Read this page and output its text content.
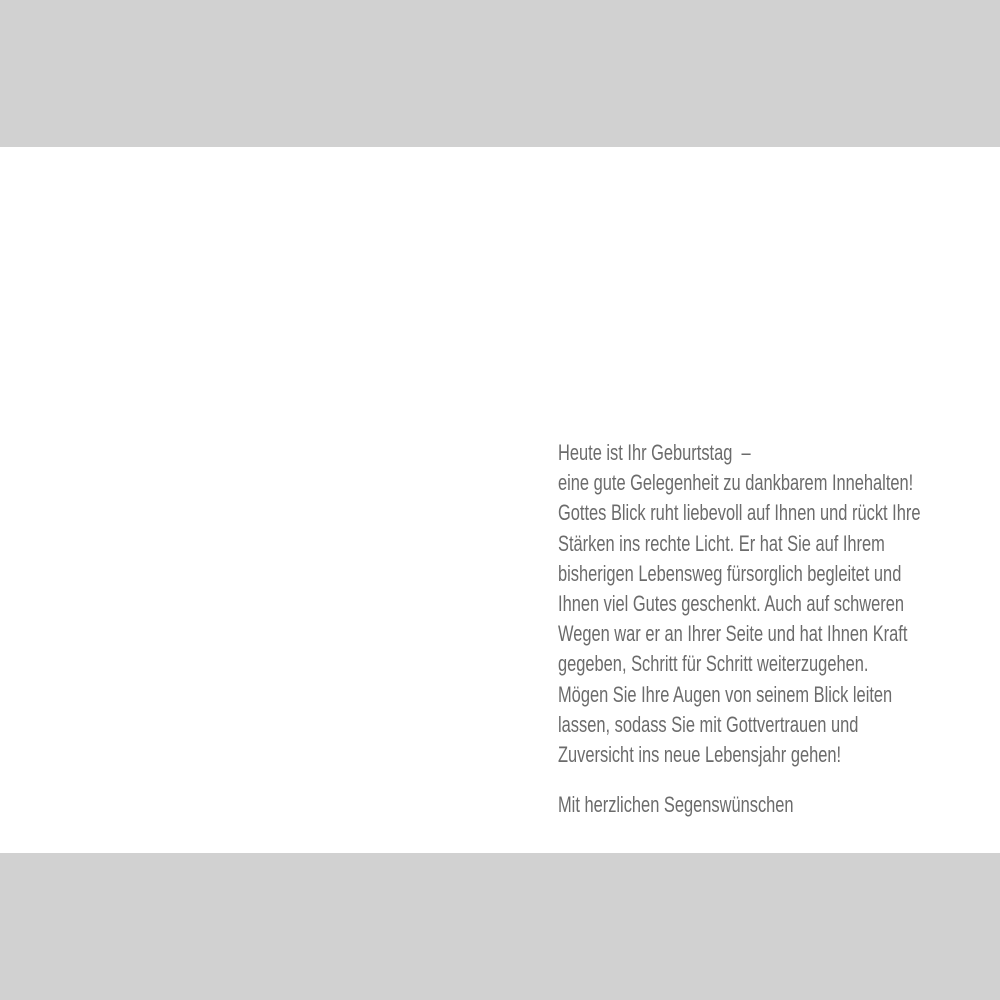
Heute ist Ihr Geburtstag  –
eine gute Gelegenheit zu dankbarem Innehalten!
Gottes Blick ruht liebevoll auf Ihnen und rückt Ihre
Stärken ins rechte Licht. Er hat Sie auf Ihrem
bisherigen Lebensweg fürsorglich begleitet und
Ihnen viel Gutes geschenkt. Auch auf schweren
Wegen war er an Ihrer Seite und hat Ihnen Kraft
gegeben, Schritt für Schritt weiterzugehen.
Mögen Sie Ihre Augen von seinem Blick leiten
lassen, sodass Sie mit Gottvertrauen und
Zuversicht ins neue Lebensjahr gehen!
Mit herzlichen Segenswünschen
